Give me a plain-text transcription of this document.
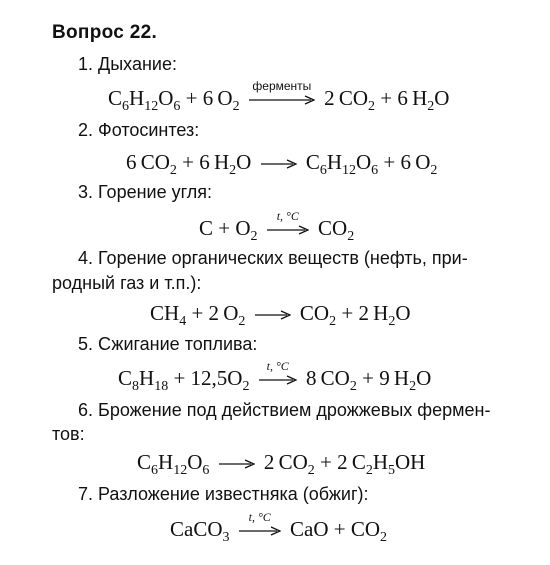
Вопрос 22.
1. Дыхание:
$C_6H_{12}O_6 + 6$  $O_2$
ферменты 2  $CO_2 + 6$  $H_2O$
2. Фотосинтез:
6  $CO_2 + 6$  $H_2O \to C_6H_{12}O_6 + 6$  $O_2$
3. Горение угля:
$C + O_2$
t, °C $CO_2$
4. Горение органических веществ (нефть, при-
родный газ и т.п.):
$CH_4 + 2$  $O_2 \to CO_2 + 2$  $H_2O$
5. Сжигание топлива:
$C_8H_{18} + 12,5O_2$
t, °C 8  $CO_2 + 9$  $H_2O$
6. Брожение под действием дрожжевых фермен-
тов:
$C_6H_{12}O_6 \to 2$  $CO_2 + 2$  $C_2H_5OH$
7. Разложение известняка (обжиг):
CaCO$_3$
t, °C CaO + $CO_2$
